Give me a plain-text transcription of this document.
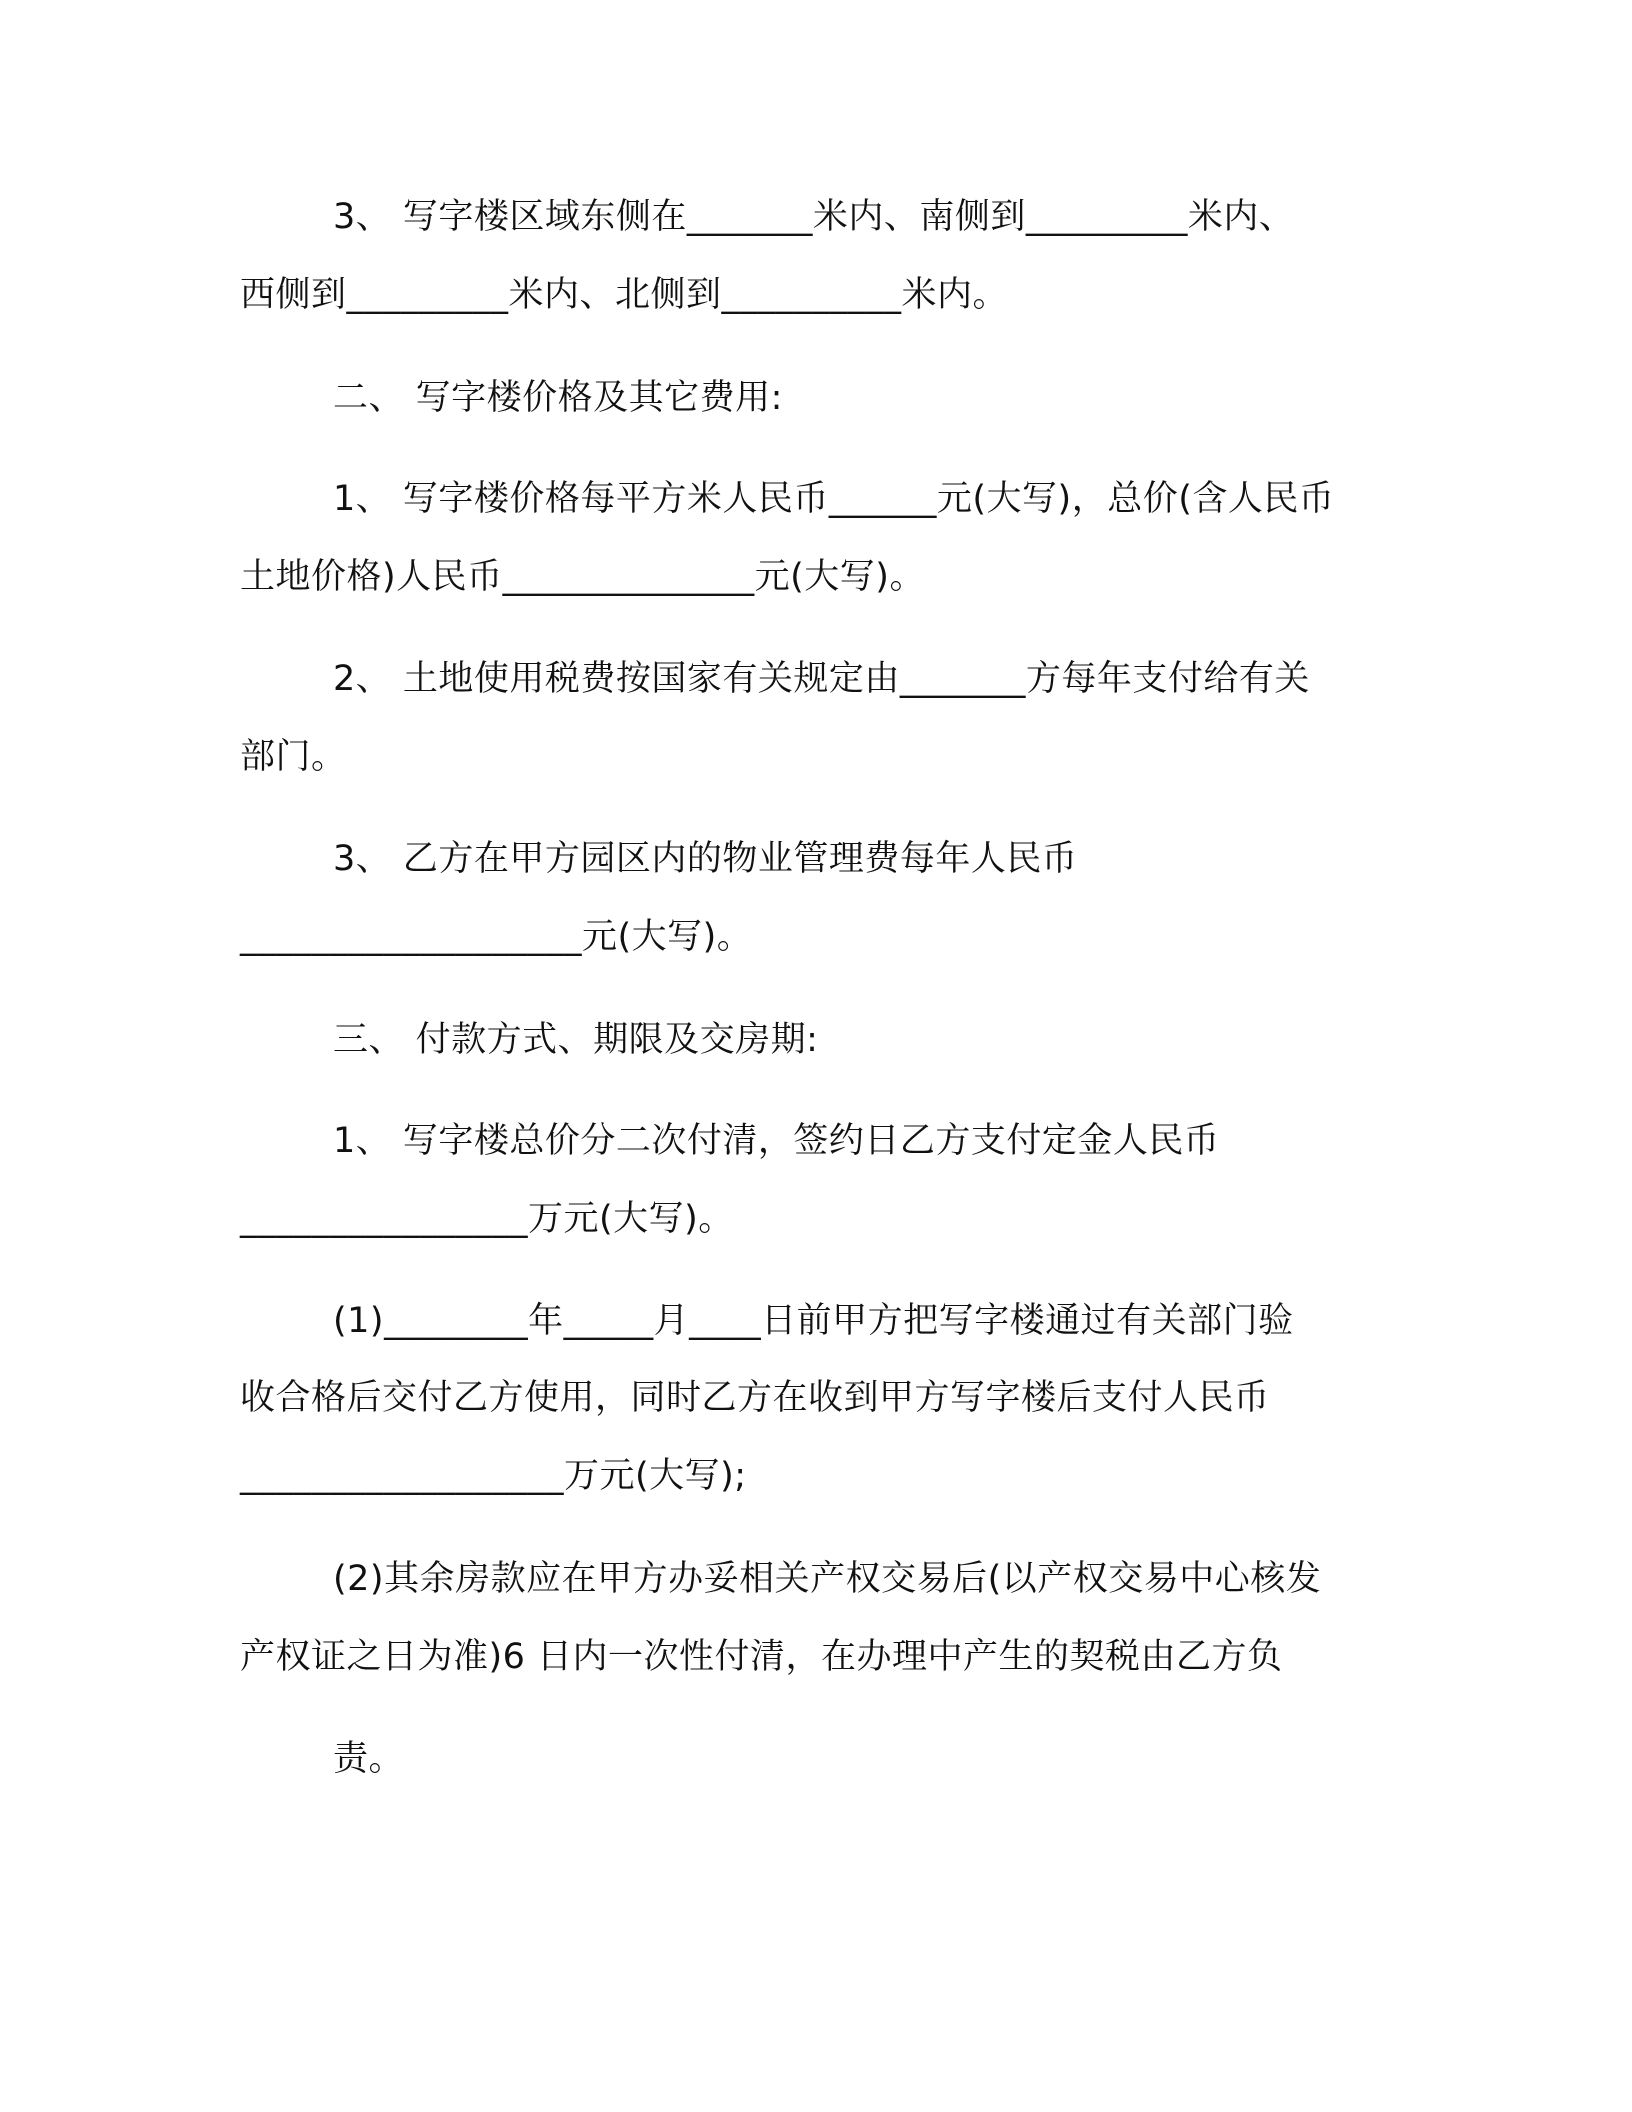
3、 写字楼区域东侧在_______米内、南侧到_________米内、
西侧到_________米内、北侧到__________米内。
二、 写字楼价格及其它费用:
1、 写字楼价格每平方米人民币______元(大写)，总价(含人民币
土地价格)人民币______________元(大写)。
2、 土地使用税费按国家有关规定由_______方每年支付给有关
部门。
3、 乙方在甲方园区内的物业管理费每年人民币
___________________元(大写)。
三、 付款方式、期限及交房期:
1、 写字楼总价分二次付清，签约日乙方支付定金人民币
________________万元(大写)。
(1)________年_____月____日前甲方把写字楼通过有关部门验
收合格后交付乙方使用，同时乙方在收到甲方写字楼后支付人民币
__________________万元(大写);
(2)其余房款应在甲方办妥相关产权交易后(以产权交易中心核发
产权证之日为准)6 日内一次性付清，在办理中产生的契税由乙方负
责。
